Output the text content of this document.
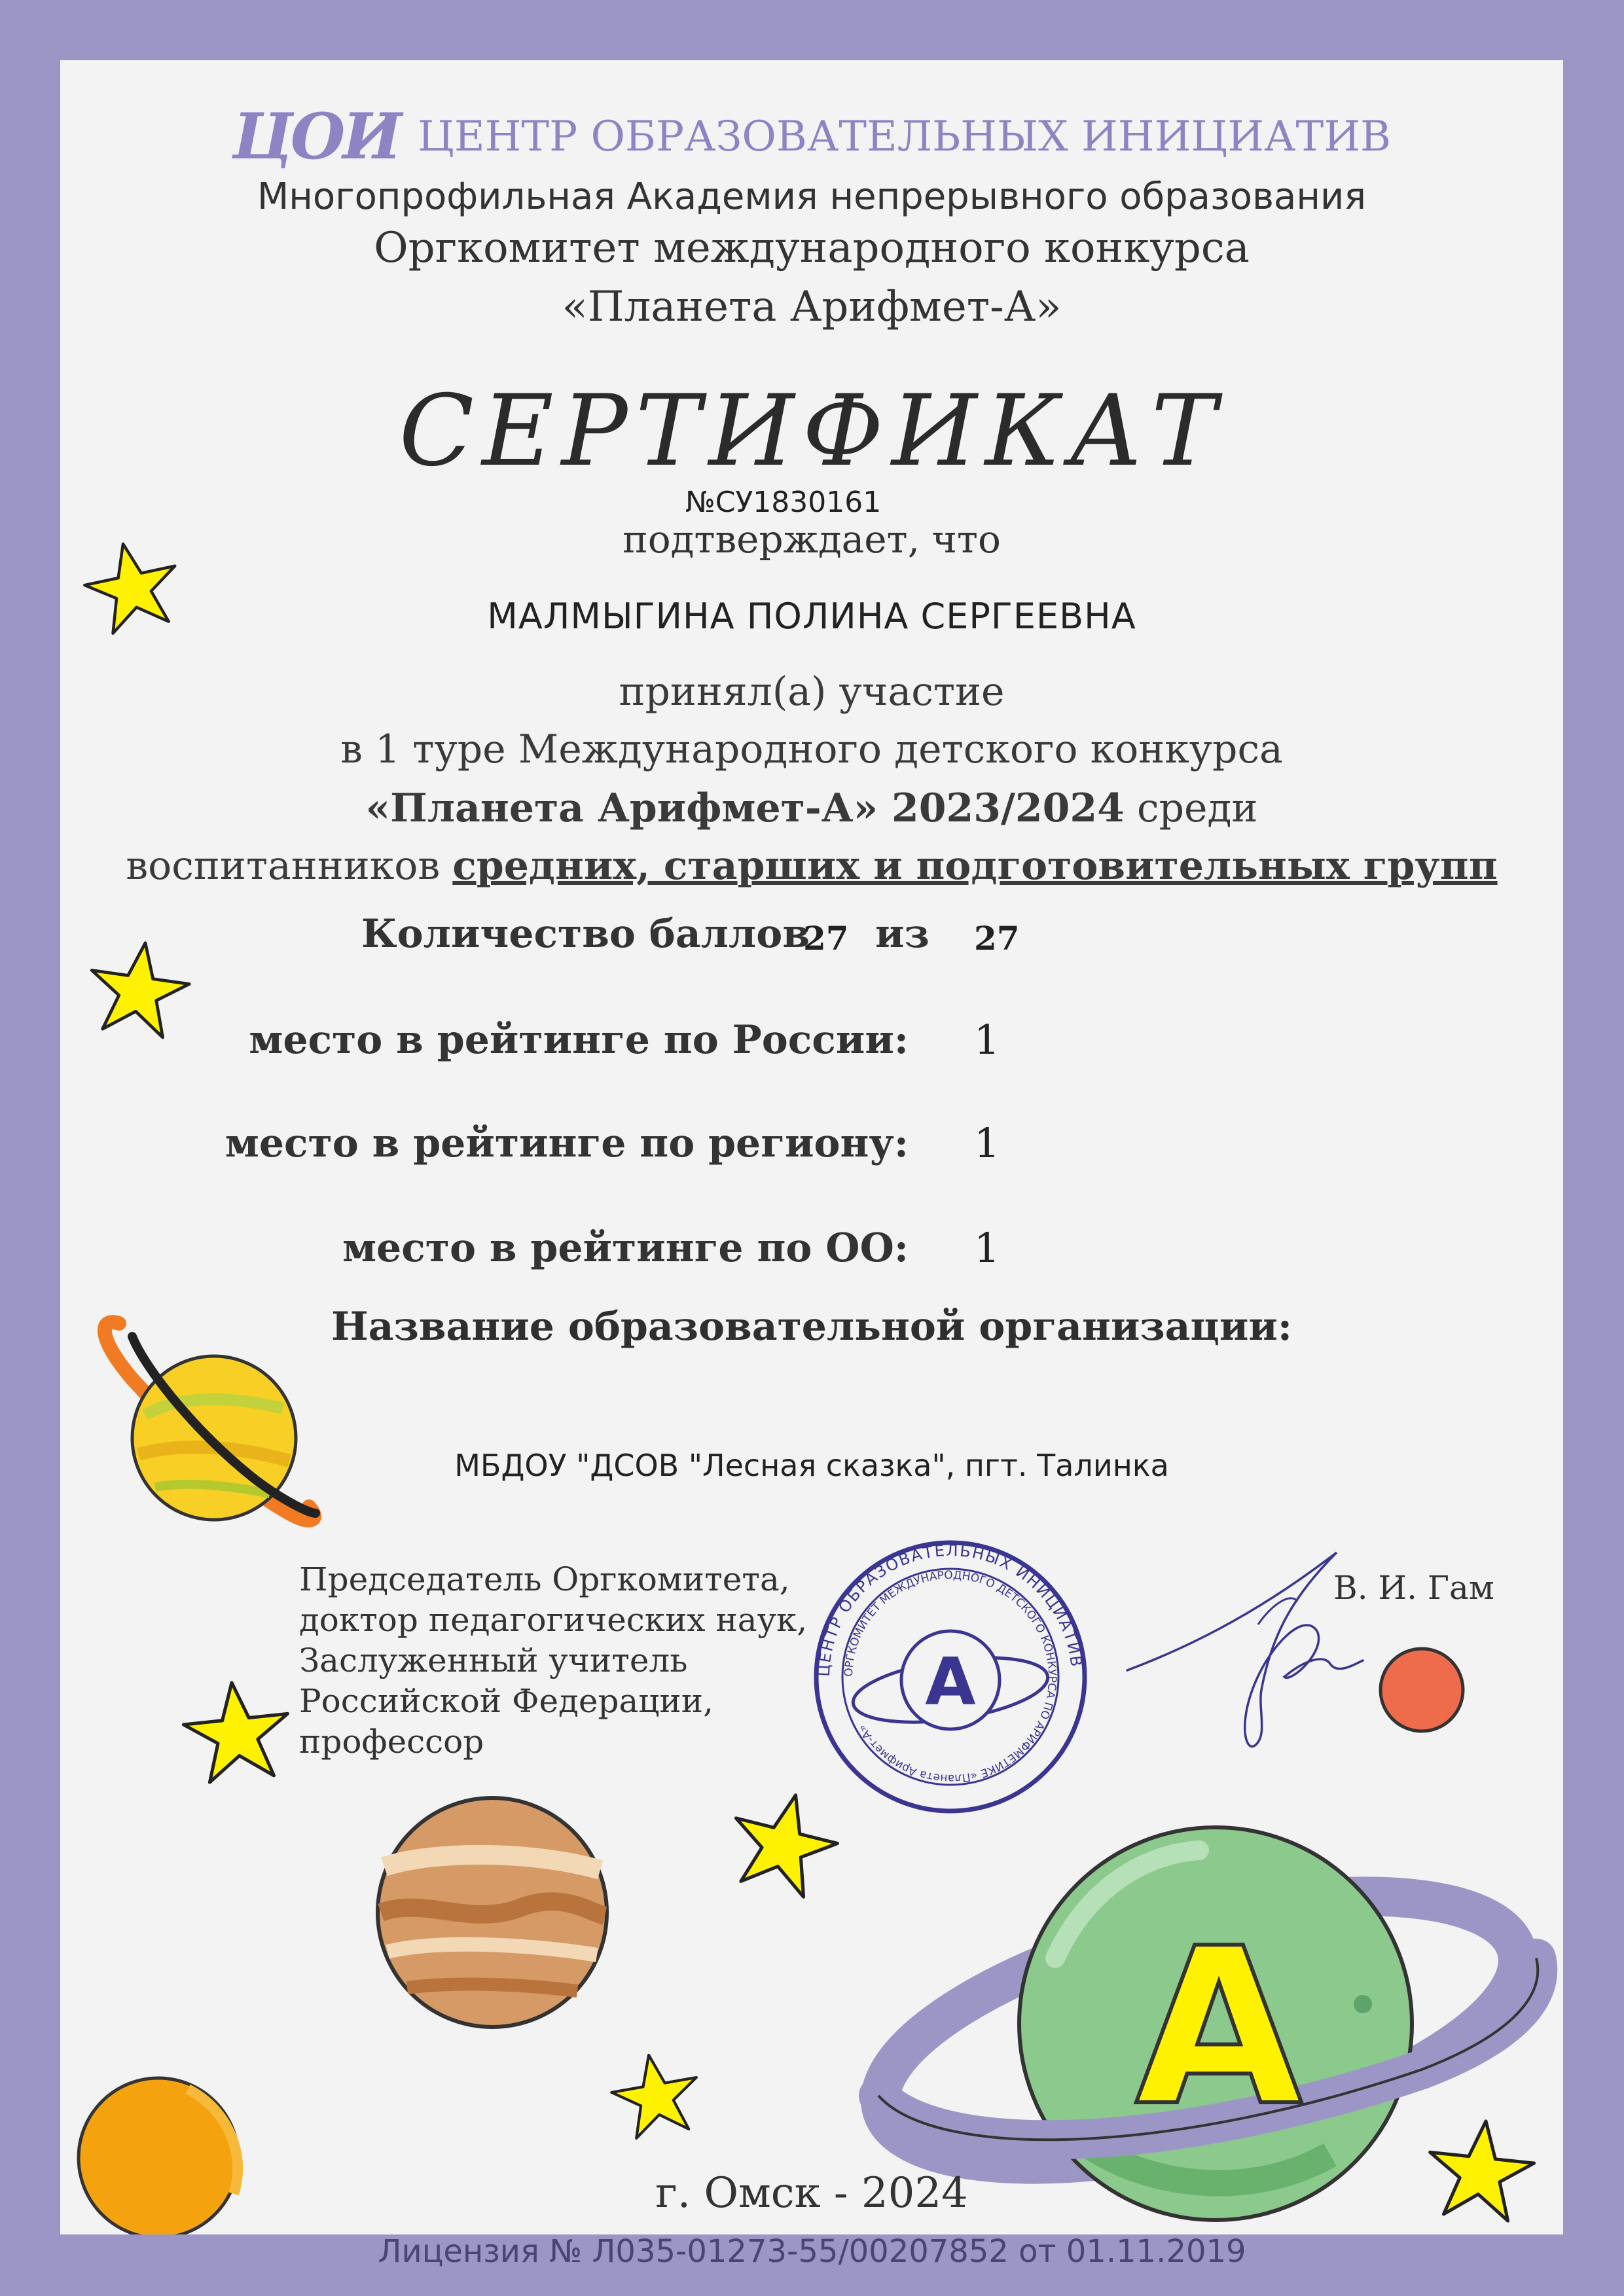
ЦОИ ЦЕНТР ОБРАЗОВАТЕЛЬНЫХ ИНИЦИАТИВ
Многопрофильная Академия непрерывного образования
Оргкомитет международного конкурса
«Планета Арифмет-А»
СЕРТИФИКАТ
№СУ1830161
подтверждает, что
МАЛМЫГИНА ПОЛИНА СЕРГЕЕВНА
принял(а) участие
в 1 туре Международного детского конкурса
«Планета Арифмет-А» 2023/2024 среди
воспитанников средних, старших и подготовительных групп
Количество баллов
27 из 27
место в рейтинге по России: 1
место в рейтинге по региону: 1
место в рейтинге по ОО: 1
Название образовательной организации:
МБДОУ "ДСОВ "Лесная сказка", пгт. Талинка
Председатель Оргкомитета,
доктор педагогических наук,
Заслуженный учитель
Российской Федерации,
профессор
В. И. Гам
А
ЦЕНТР ОБРАЗОВАТЕЛЬНЫХ ИНИЦИАТИВ
ОРГКОМИТЕТ МЕЖДУНАРОДНОГО ДЕТСКОГО КОНКУРСА ПО АРИФМЕТИКЕ «Планета Арифмет-А»
А
г. Омск - 2024
Лицензия № Л035-01273-55/00207852 от 01.11.2019
